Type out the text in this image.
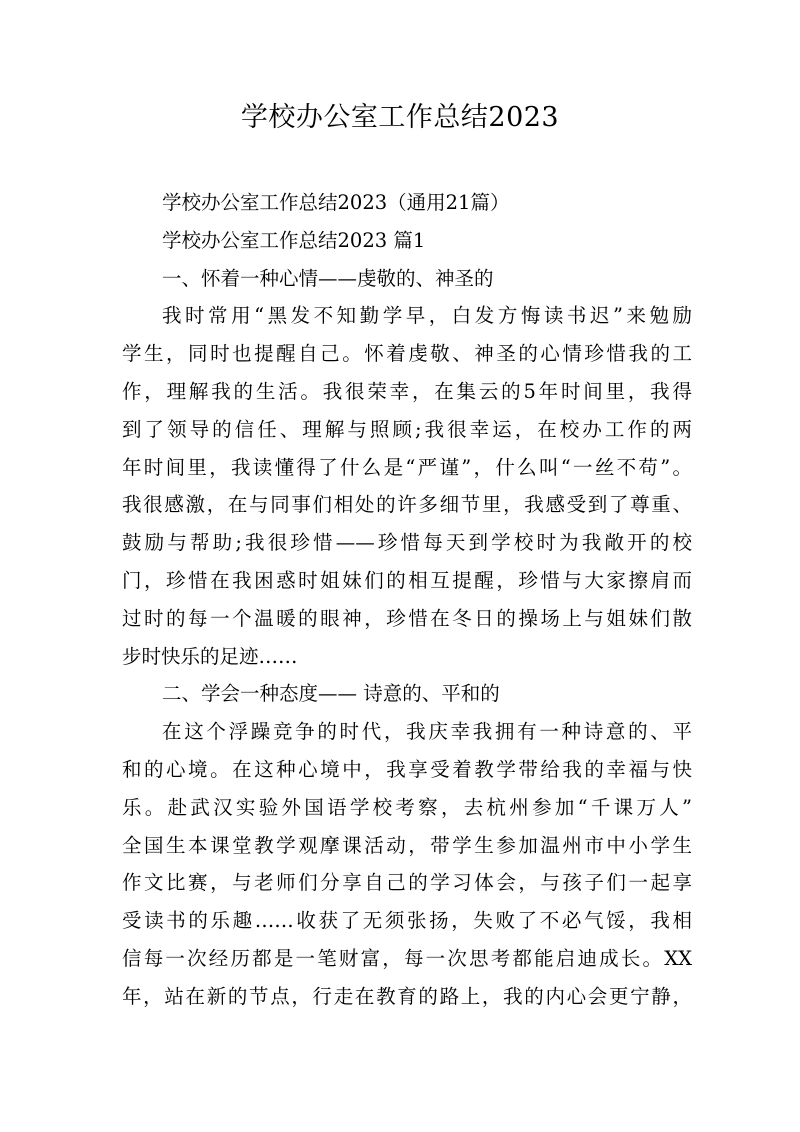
学校办公室工作总结2023

学校办公室工作总结2023（通用21篇）

学校办公室工作总结2023 篇1

一、怀着一种心情——虔敬的、神圣的

我时常用“黑发不知勤学早，白发方悔读书迟”来勉励

学生，同时也提醒自己。怀着虔敬、神圣的心情珍惜我的工

作，理解我的生活。我很荣幸，在集云的5年时间里，我得

到了领导的信任、理解与照顾;我很幸运，在校办工作的两

年时间里，我读懂得了什么是“严谨”，什么叫“一丝不苟”。

我很感激，在与同事们相处的许多细节里，我感受到了尊重、

鼓励与帮助;我很珍惜——珍惜每天到学校时为我敞开的校

门，珍惜在我困惑时姐妹们的相互提醒，珍惜与大家擦肩而

过时的每一个温暖的眼神，珍惜在冬日的操场上与姐妹们散

步时快乐的足迹……

二、学会一种态度—— 诗意的、平和的

在这个浮躁竞争的时代，我庆幸我拥有一种诗意的、平

和的心境。在这种心境中，我享受着教学带给我的幸福与快

乐。赴武汉实验外国语学校考察，去杭州参加“千课万人”

全国生本课堂教学观摩课活动，带学生参加温州市中小学生

作文比赛，与老师们分享自己的学习体会，与孩子们一起享

受读书的乐趣……收获了无须张扬，失败了不必气馁，我相

信每一次经历都是一笔财富，每一次思考都能启迪成长。XX

年，站在新的节点，行走在教育的路上，我的内心会更宁静，
